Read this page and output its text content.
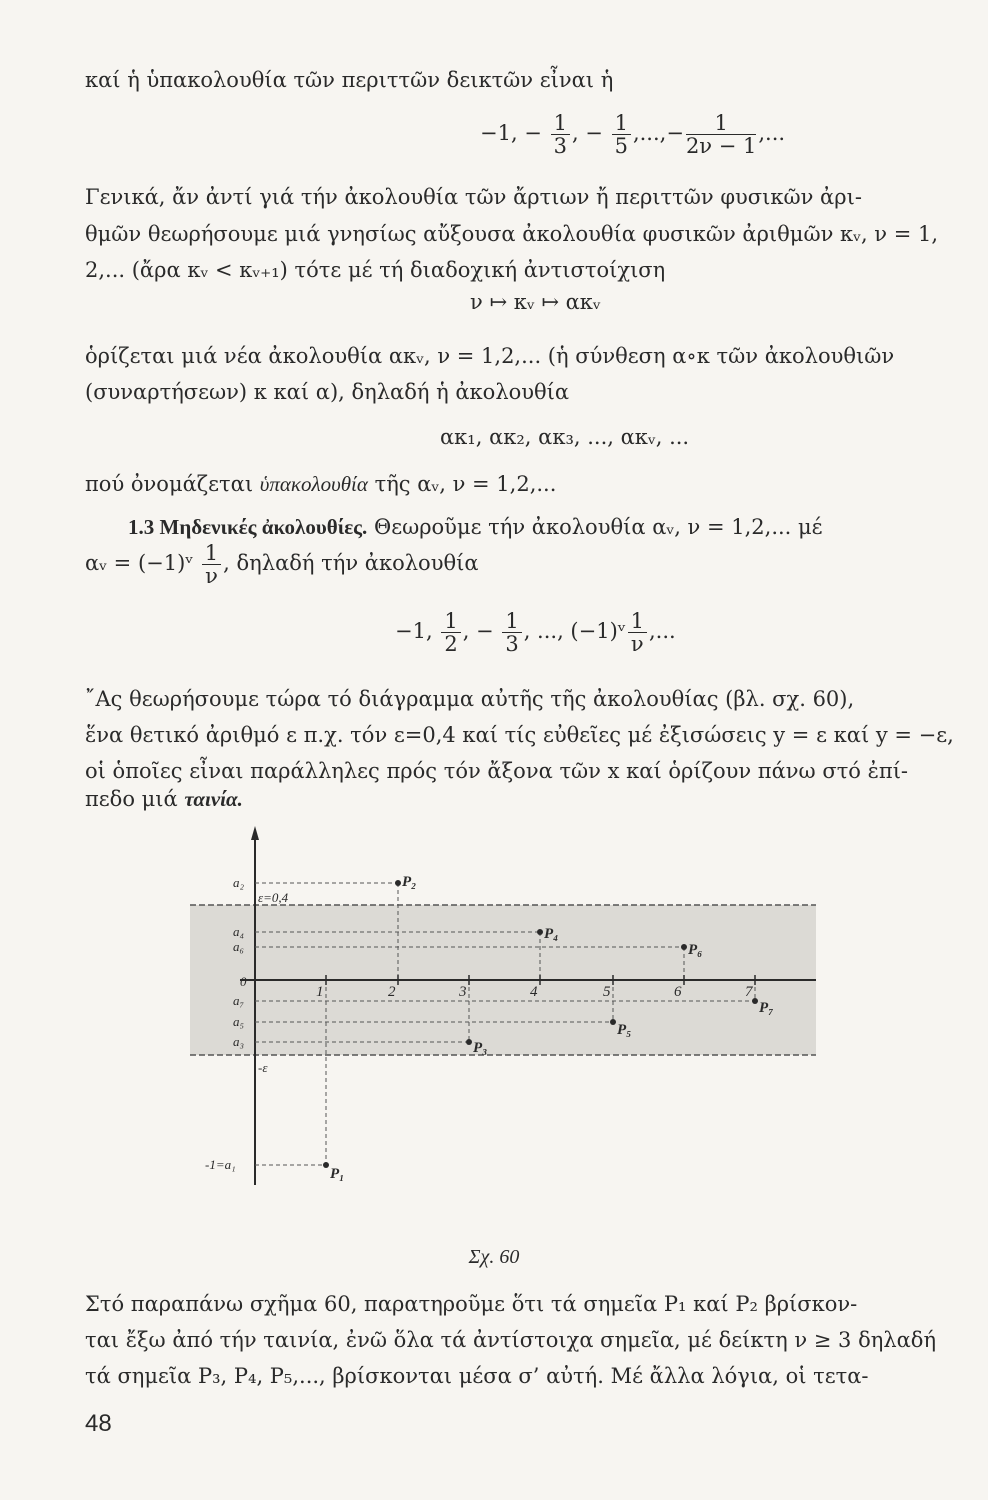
καί ἡ ὑπακολουθία τῶν περιττῶν δεικτῶν εἶναι ἡ
−1, − $\frac{1}{3}$ , − $\frac{1}{5}$ ,...,− $\frac{1}{2\nu - 1}$ ,...
Γενικά, ἄν ἀντί γιά τήν ἀκολουθία τῶν ἄρτιων ἤ περιττῶν φυσικῶν ἀρι-
θμῶν θεωρήσουμε μιά γνησίως αὔξουσα ἀκολουθία φυσικῶν ἀριθμῶν κᵥ, ν = 1,
2,... (ἄρα κᵥ < κᵥ₊₁) τότε μέ τή διαδοχική ἀντιστοίχιση
ν ↦ κᵥ ↦ ακᵥ
ὁρίζεται μιά νέα ἀκολουθία ακᵥ, ν = 1,2,... (ἡ σύνθεση α∘κ τῶν ἀκολουθιῶν
(συναρτήσεων) κ καί α), δηλαδή ἡ ἀκολουθία
ακ₁, ακ₂, ακ₃, ..., ακᵥ, ...
πού ὀνομάζεται ὑπακολουθία τῆς αᵥ, ν = 1,2,...
1.3 Μηδενικές ἀκολουθίες. Θεωροῦμε τήν ἀκολουθία αᵥ, ν = 1,2,... μέ
αᵥ = (−1)ᵛ $\frac{1}{\nu}$ , δηλαδή τήν ἀκολουθία
−1, $\frac{1}{2}$ , − $\frac{1}{3}$ , ..., (−1)ᵛ $\frac{1}{\nu}$ ,...
῎Ας θεωρήσουμε τώρα τό διάγραμμα αὐτῆς τῆς ἀκολουθίας (βλ. σχ. 60),
ἕνα θετικό ἀριθμό ε π.χ. τόν ε=0,4 καί τίς εὐθεῖες μέ ἐξισώσεις y = ε καί y = −ε,
οἱ ὁποῖες εἶναι παράλληλες πρός τόν ἄξονα τῶν x καί ὁρίζουν πάνω στό ἐπί-
πεδο μιά ταινία.
1	2	3	4	5	6	7
P₁
P₂
P₃
P₄
P₅
P₆
P₇
a₂
ε=0,4
a₄
a₆
0
a₇
a₅
a₃
-ε
-1=a₁
Σχ. 60
Στό παραπάνω σχῆμα 60, παρατηροῦμε ὅτι τά σημεῖα P₁ καί P₂ βρίσκον-
ται ἔξω ἀπό τήν ταινία, ἐνῶ ὅλα τά ἀντίστοιχα σημεῖα, μέ δείκτη ν ≥ 3 δηλαδή
τά σημεῖα P₃, P₄, P₅,..., βρίσκονται μέσα σ’ αὐτή. Μέ ἄλλα λόγια, οἱ τετα-
48
